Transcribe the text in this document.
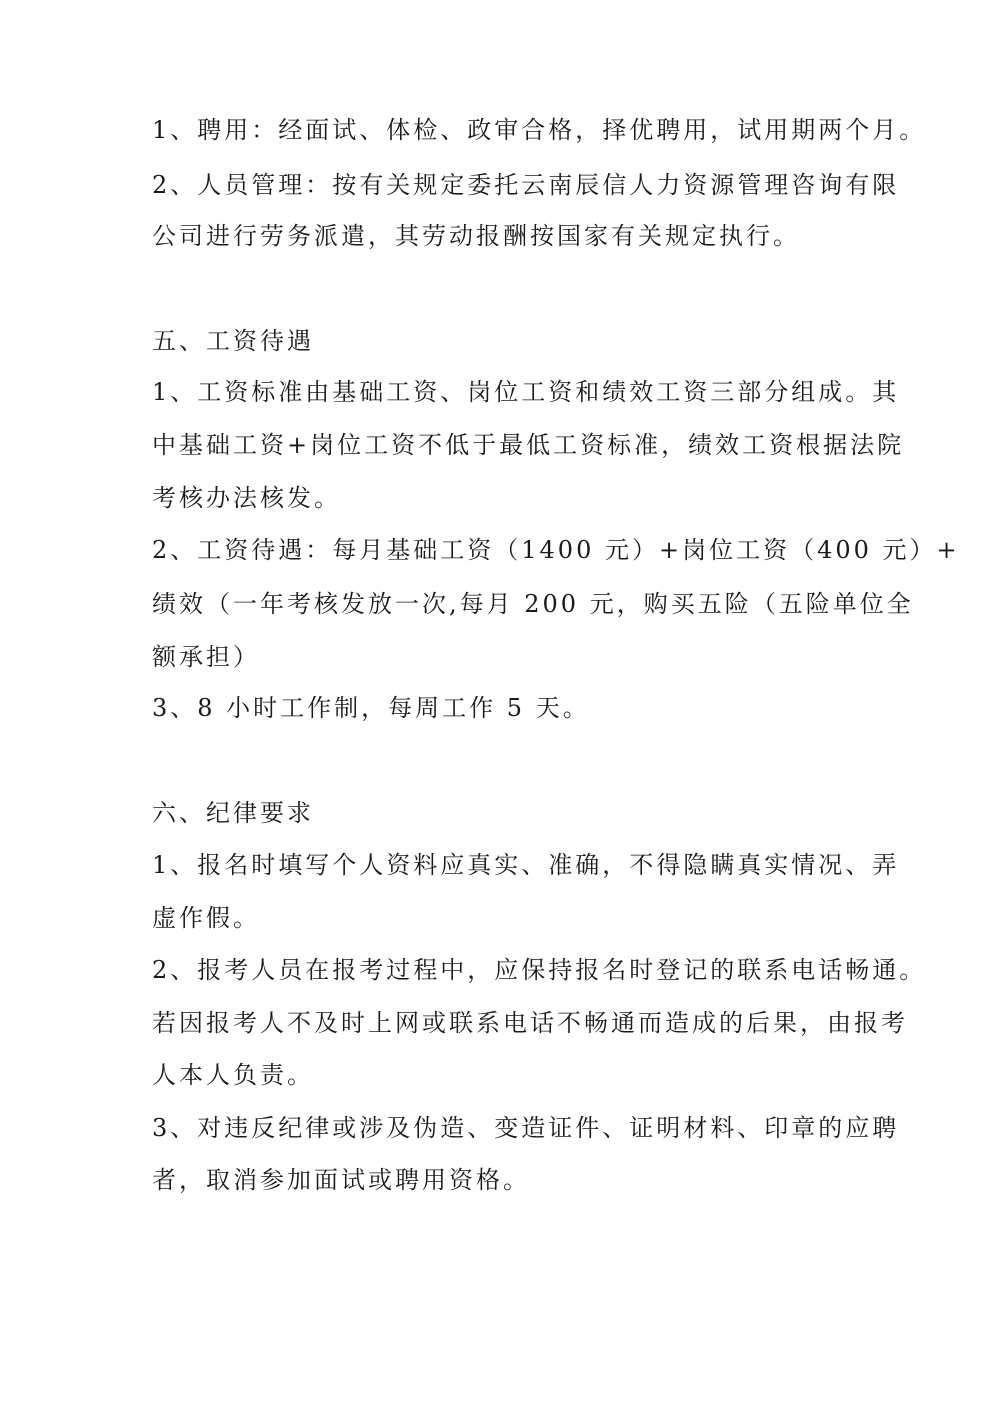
1、聘用：经面试、体检、政审合格，择优聘用，试用期两个月。
2、人员管理：按有关规定委托云南辰信人力资源管理咨询有限
公司进行劳务派遣，其劳动报酬按国家有关规定执行。
五、工资待遇
1、工资标准由基础工资、岗位工资和绩效工资三部分组成。其
中基础工资+岗位工资不低于最低工资标准，绩效工资根据法院
考核办法核发。
2、工资待遇：每月基础工资（1400 元）+岗位工资（400 元）+
绩效（一年考核发放一次,每月 200 元，购买五险（五险单位全
额承担）
3、8 小时工作制，每周工作 5 天。
六、纪律要求
1、报名时填写个人资料应真实、准确，不得隐瞒真实情况、弄
虚作假。
2、报考人员在报考过程中，应保持报名时登记的联系电话畅通。
若因报考人不及时上网或联系电话不畅通而造成的后果，由报考
人本人负责。
3、对违反纪律或涉及伪造、变造证件、证明材料、印章的应聘
者，取消参加面试或聘用资格。
